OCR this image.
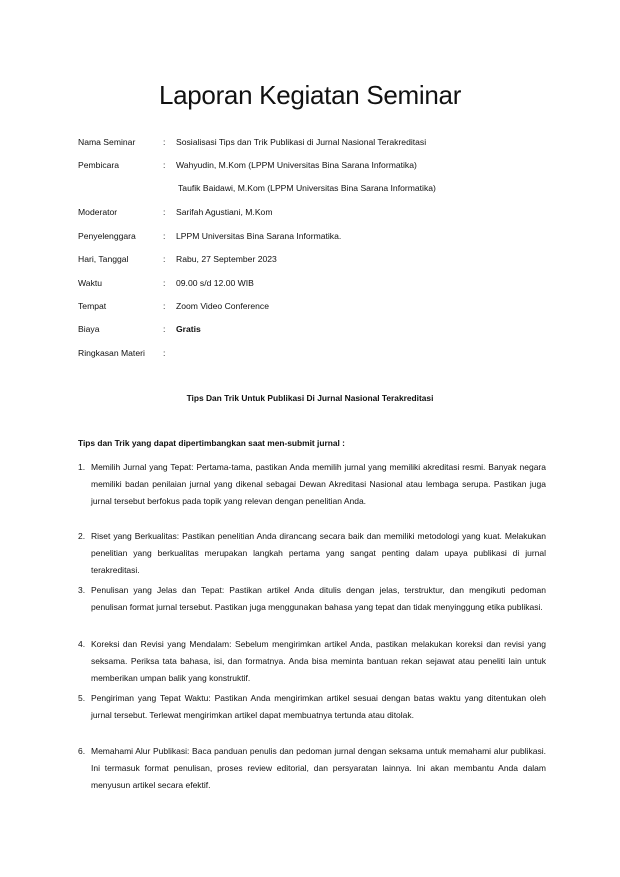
Laporan Kegiatan Seminar
Nama Seminar	:	Sosialisasi Tips dan Trik Publikasi di Jurnal Nasional Terakreditasi
Pembicara	:	Wahyudin, M.Kom (LPPM Universitas Bina Sarana Informatika)
Taufik Baidawi, M.Kom (LPPM Universitas Bina Sarana Informatika)
Moderator	:	Sarifah Agustiani, M.Kom
Penyelenggara	:	LPPM Universitas Bina Sarana Informatika.
Hari, Tanggal	:	Rabu, 27 September 2023
Waktu	:	09.00 s/d 12.00 WIB
Tempat	:	Zoom Video Conference
Biaya	:	Gratis
Ringkasan Materi	:
Tips Dan Trik Untuk Publikasi Di Jurnal Nasional Terakreditasi
Tips dan Trik yang dapat dipertimbangkan saat men-submit jurnal :
1. Memilih Jurnal yang Tepat: Pertama-tama, pastikan Anda memilih jurnal yang memiliki akreditasi resmi. Banyak negara memiliki badan penilaian jurnal yang dikenal sebagai Dewan Akreditasi Nasional atau lembaga serupa. Pastikan juga jurnal tersebut berfokus pada topik yang relevan dengan penelitian Anda.
2. Riset yang Berkualitas: Pastikan penelitian Anda dirancang secara baik dan memiliki metodologi yang kuat. Melakukan penelitian yang berkualitas merupakan langkah pertama yang sangat penting dalam upaya publikasi di jurnal terakreditasi.
3. Penulisan yang Jelas dan Tepat: Pastikan artikel Anda ditulis dengan jelas, terstruktur, dan mengikuti pedoman penulisan format jurnal tersebut. Pastikan juga menggunakan bahasa yang tepat dan tidak menyinggung etika publikasi.
4. Koreksi dan Revisi yang Mendalam: Sebelum mengirimkan artikel Anda, pastikan melakukan koreksi dan revisi yang seksama. Periksa tata bahasa, isi, dan formatnya. Anda bisa meminta bantuan rekan sejawat atau peneliti lain untuk memberikan umpan balik yang konstruktif.
5. Pengiriman yang Tepat Waktu: Pastikan Anda mengirimkan artikel sesuai dengan batas waktu yang ditentukan oleh jurnal tersebut. Terlewat mengirimkan artikel dapat membuatnya tertunda atau ditolak.
6. Memahami Alur Publikasi: Baca panduan penulis dan pedoman jurnal dengan seksama untuk memahami alur publikasi. Ini termasuk format penulisan, proses review editorial, dan persyaratan lainnya. Ini akan membantu Anda dalam menyusun artikel secara efektif.
